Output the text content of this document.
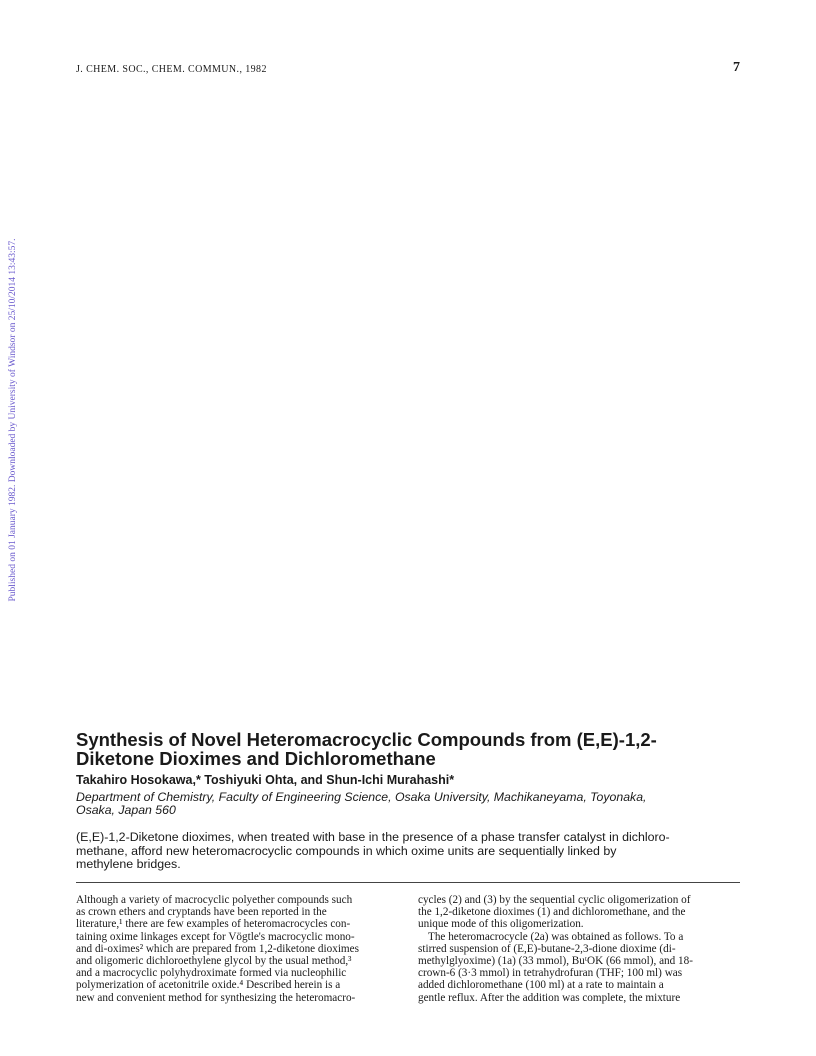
J. CHEM. SOC., CHEM. COMMUN., 1982	7
Published on 01 January 1982. Downloaded by University of Windsor on 25/10/2014 13:43:57.
Synthesis of Novel Heteromacrocyclic Compounds from (E,E)-1,2-
Diketone Dioximes and Dichloromethane

Takahiro Hosokawa,* Toshiyuki Ohta, and Shun-Ichi Murahashi*

Department of Chemistry, Faculty of Engineering Science, Osaka University, Machikaneyama, Toyonaka,
Osaka, Japan 560

(E,E)-1,2-Diketone dioximes, when treated with base in the presence of a phase transfer catalyst in dichloro-
methane, afford new heteromacrocyclic compounds in which oxime units are sequentially linked by
methylene bridges.

Although a variety of macrocyclic polyether compounds such
as crown ethers and cryptands have been reported in the
literature,¹ there are few examples of heteromacrocycles con-
taining oxime linkages except for Vögtle's macrocyclic mono-
and di-oximes² which are prepared from 1,2-diketone dioximes
and oligomeric dichloroethylene glycol by the usual method,³
and a macrocyclic polyhydroximate formed via nucleophilic
polymerization of acetonitrile oxide.⁴ Described herein is a
new and convenient method for synthesizing the heteromacro-
cycles (2) and (3) by the sequential cyclic oligomerization of
the 1,2-diketone dioximes (1) and dichloromethane, and the
unique mode of this oligomerization.
The heteromacrocycle (2a) was obtained as follows. To a
stirred suspension of (E,E)-butane-2,3-dione dioxime (di-
methylglyoxime) (1a) (33 mmol), BuᵗOK (66 mmol), and 18-
crown-6 (3·3 mmol) in tetrahydrofuran (THF; 100 ml) was
added dichloromethane (100 ml) at a rate to maintain a
gentle reflux. After the addition was complete, the mixture
